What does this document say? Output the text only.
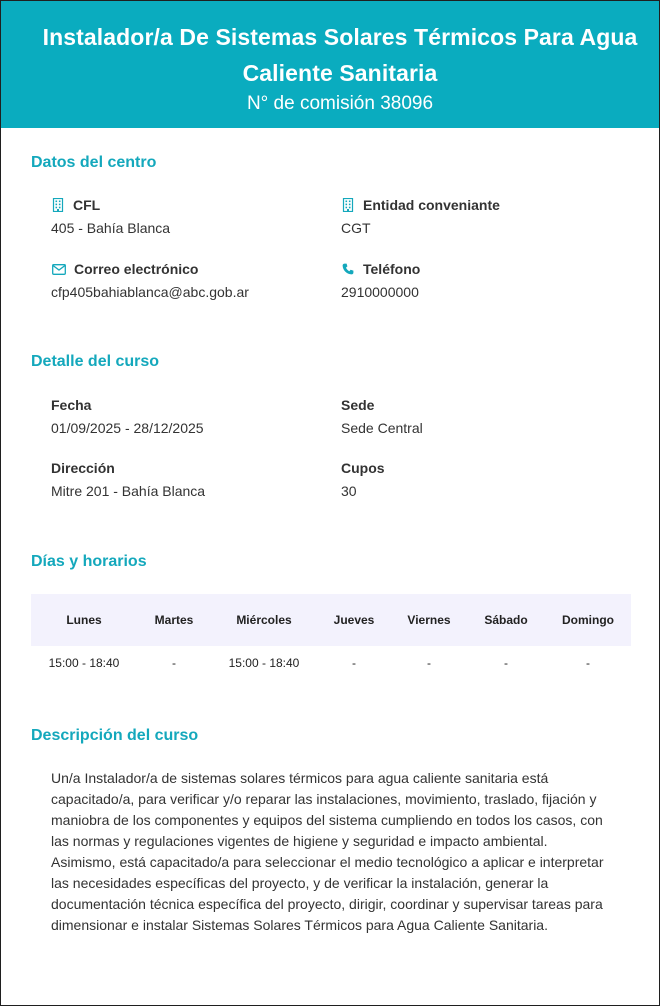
Instalador/a De Sistemas Solares Térmicos Para Agua Caliente Sanitaria
N° de comisión 38096
Datos del centro
CFL
405 - Bahía Blanca
Entidad conveniante
CGT
Correo electrónico
cfp405bahiablanca@abc.gob.ar
Teléfono
2910000000
Detalle del curso
Fecha
01/09/2025 - 28/12/2025
Sede
Sede Central
Dirección
Mitre 201 - Bahía Blanca
Cupos
30
Días y horarios
Lunes	Martes	Miércoles	Jueves	Viernes	Sábado	Domingo
15:00 - 18:40	-	15:00 - 18:40	-	-	-	-
Descripción del curso

Un/a Instalador/a de sistemas solares térmicos para agua caliente sanitaria está capacitado/a, para verificar y/o reparar las instalaciones, movimiento, traslado, fijación y maniobra de los componentes y equipos del sistema cumpliendo en todos los casos, con las normas y regulaciones vigentes de higiene y seguridad e impacto ambiental. Asimismo, está capacitado/a para seleccionar el medio tecnológico a aplicar e interpretar las necesidades específicas del proyecto, y de verificar la instalación, generar la documentación técnica específica del proyecto, dirigir, coordinar y supervisar tareas para dimensionar e instalar Sistemas Solares Térmicos para Agua Caliente Sanitaria.
